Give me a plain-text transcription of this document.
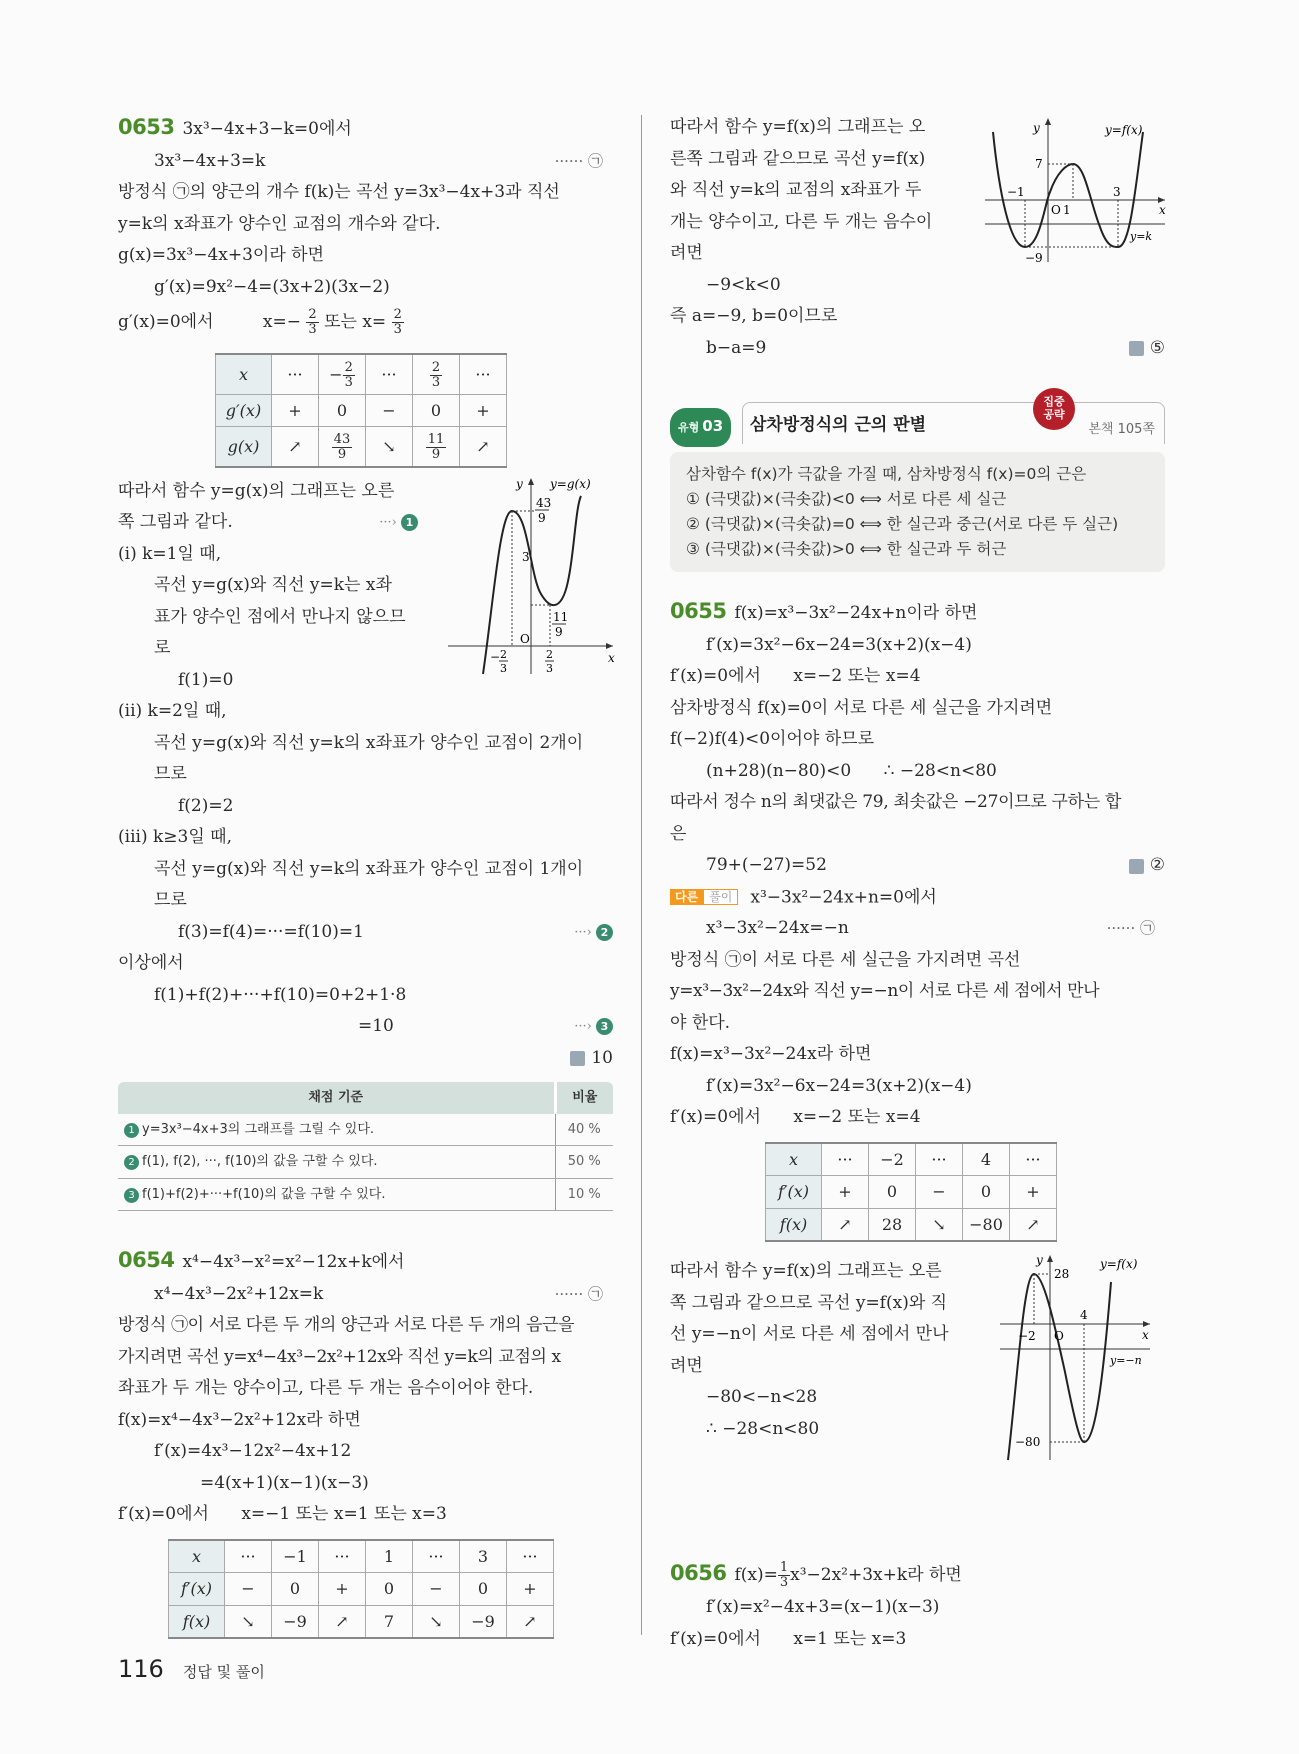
0653 3x³−4x+3−k=0에서
3x³−4x+3=k	······ ㉠
방정식 ㉠의 양근의 개수 f(k)는 곡선 y=3x³−4x+3과 직선
y=k의 x좌표가 양수인 교점의 개수와 같다.
g(x)=3x³−4x+3이라 하면
g′(x)=9x²−4=(3x+2)(3x−2)
g′(x)=0에서	$x=- \frac{2}{3}$ 또는 $x= \frac{2}{3}$
x	···	− $\frac{2}{3}$	···	$\frac{2}{3}$	···
g′(x)	+	0	−	0	+
g(x)	↗	$\frac{43}{9}$	↘	$\frac{11}{9}$	↗
따라서 함수 y=g(x)의 그래프는 오른
쪽 그림과 같다.	···› 1
(i) k=1일 때,
곡선 y=g(x)와 직선 y=k는 x좌
표가 양수인 점에서 만나지 않으므
로
f(1)=0
y y=g(x)
43
9
3
11
9
O
x
− 2
3
2
3
(ii) k=2일 때,
곡선 y=g(x)와 직선 y=k의 x좌표가 양수인 교점이 2개이
므로
f(2)=2
(iii) k≥3일 때,
곡선 y=g(x)와 직선 y=k의 x좌표가 양수인 교점이 1개이
므로
f(3)=f(4)=···=f(10)=1	···› 2
이상에서
f(1)+f(2)+···+f(10)=0+2+1·8
=10	···› 3
10
채점 기준	비율
1 y=3x³−4x+3의 그래프를 그릴 수 있다.	40 %
2 f(1), f(2), ···, f(10)의 값을 구할 수 있다.	50 %
3 f(1)+f(2)+···+f(10)의 값을 구할 수 있다.	10 %
0654 x⁴−4x³−x²=x²−12x+k에서
x⁴−4x³−2x²+12x=k	······ ㉠
방정식 ㉠이 서로 다른 두 개의 양근과 서로 다른 두 개의 음근을
가지려면 곡선 y=x⁴−4x³−2x²+12x와 직선 y=k의 교점의 x
좌표가 두 개는 양수이고, 다른 두 개는 음수이어야 한다.
f(x)=x⁴−4x³−2x²+12x라 하면
f′(x)=4x³−12x²−4x+12
=4(x+1)(x−1)(x−3)
f′(x)=0에서      x=−1 또는 x=1 또는 x=3
x	···	−1	···	1	···	3	···
f′(x)	−	0	+	0	−	0	+
f(x)	↘	−9	↗	7	↘	−9	↗
따라서 함수 y=f(x)의 그래프는 오
른쪽 그림과 같으므로 곡선 y=f(x)
와 직선 y=k의 교점의 x좌표가 두
개는 양수이고, 다른 두 개는 음수이
려면
−9<k<0
즉 a=−9, b=0이므로
b−a=9	⑤
y	y=f(x)
7
−1	3
O 1	x
y=k
−9
유형 03	삼차방정식의 근의 판별
집중
공략
본책 105쪽
삼차함수 f(x)가 극값을 가질 때, 삼차방정식 f(x)=0의 근은
① (극댓값)×(극솟값)<0 ⟺ 서로 다른 세 실근
② (극댓값)×(극솟값)=0 ⟺ 한 실근과 중근(서로 다른 두 실근)
③ (극댓값)×(극솟값)>0 ⟺ 한 실근과 두 허근
0655 f(x)=x³−3x²−24x+n이라 하면
f′(x)=3x²−6x−24=3(x+2)(x−4)
f′(x)=0에서      x=−2 또는 x=4
삼차방정식 f(x)=0이 서로 다른 세 실근을 가지려면
f(−2)f(4)<0이어야 하므로
(n+28)(n−80)<0      ∴ −28<n<80
따라서 정수 n의 최댓값은 79, 최솟값은 −27이므로 구하는 합
은
79+(−27)=52	②
다른 풀이 x³−3x²−24x+n=0에서
x³−3x²−24x=−n	······ ㉠
방정식 ㉠이 서로 다른 세 실근을 가지려면 곡선
y=x³−3x²−24x와 직선 y=−n이 서로 다른 세 점에서 만나
야 한다.
f(x)=x³−3x²−24x라 하면
f′(x)=3x²−6x−24=3(x+2)(x−4)
f′(x)=0에서      x=−2 또는 x=4
x	···	−2	···	4	···
f′(x)	+	0	−	0	+
f(x)	↗	28	↘	−80	↗
따라서 함수 y=f(x)의 그래프는 오른
쪽 그림과 같으므로 곡선 y=f(x)와 직
선 y=−n이 서로 다른 세 점에서 만나
려면
−80<−n<28
∴ −28<n<80
y	y=f(x)
28
4
−2 O	x
y=−n
−80
0656 $f(x)= \frac{1}{3} x^3-2x^2+3x+k$라 하면
f′(x)=x²−4x+3=(x−1)(x−3)
f′(x)=0에서      x=1 또는 x=3
116 정답 및 풀이
